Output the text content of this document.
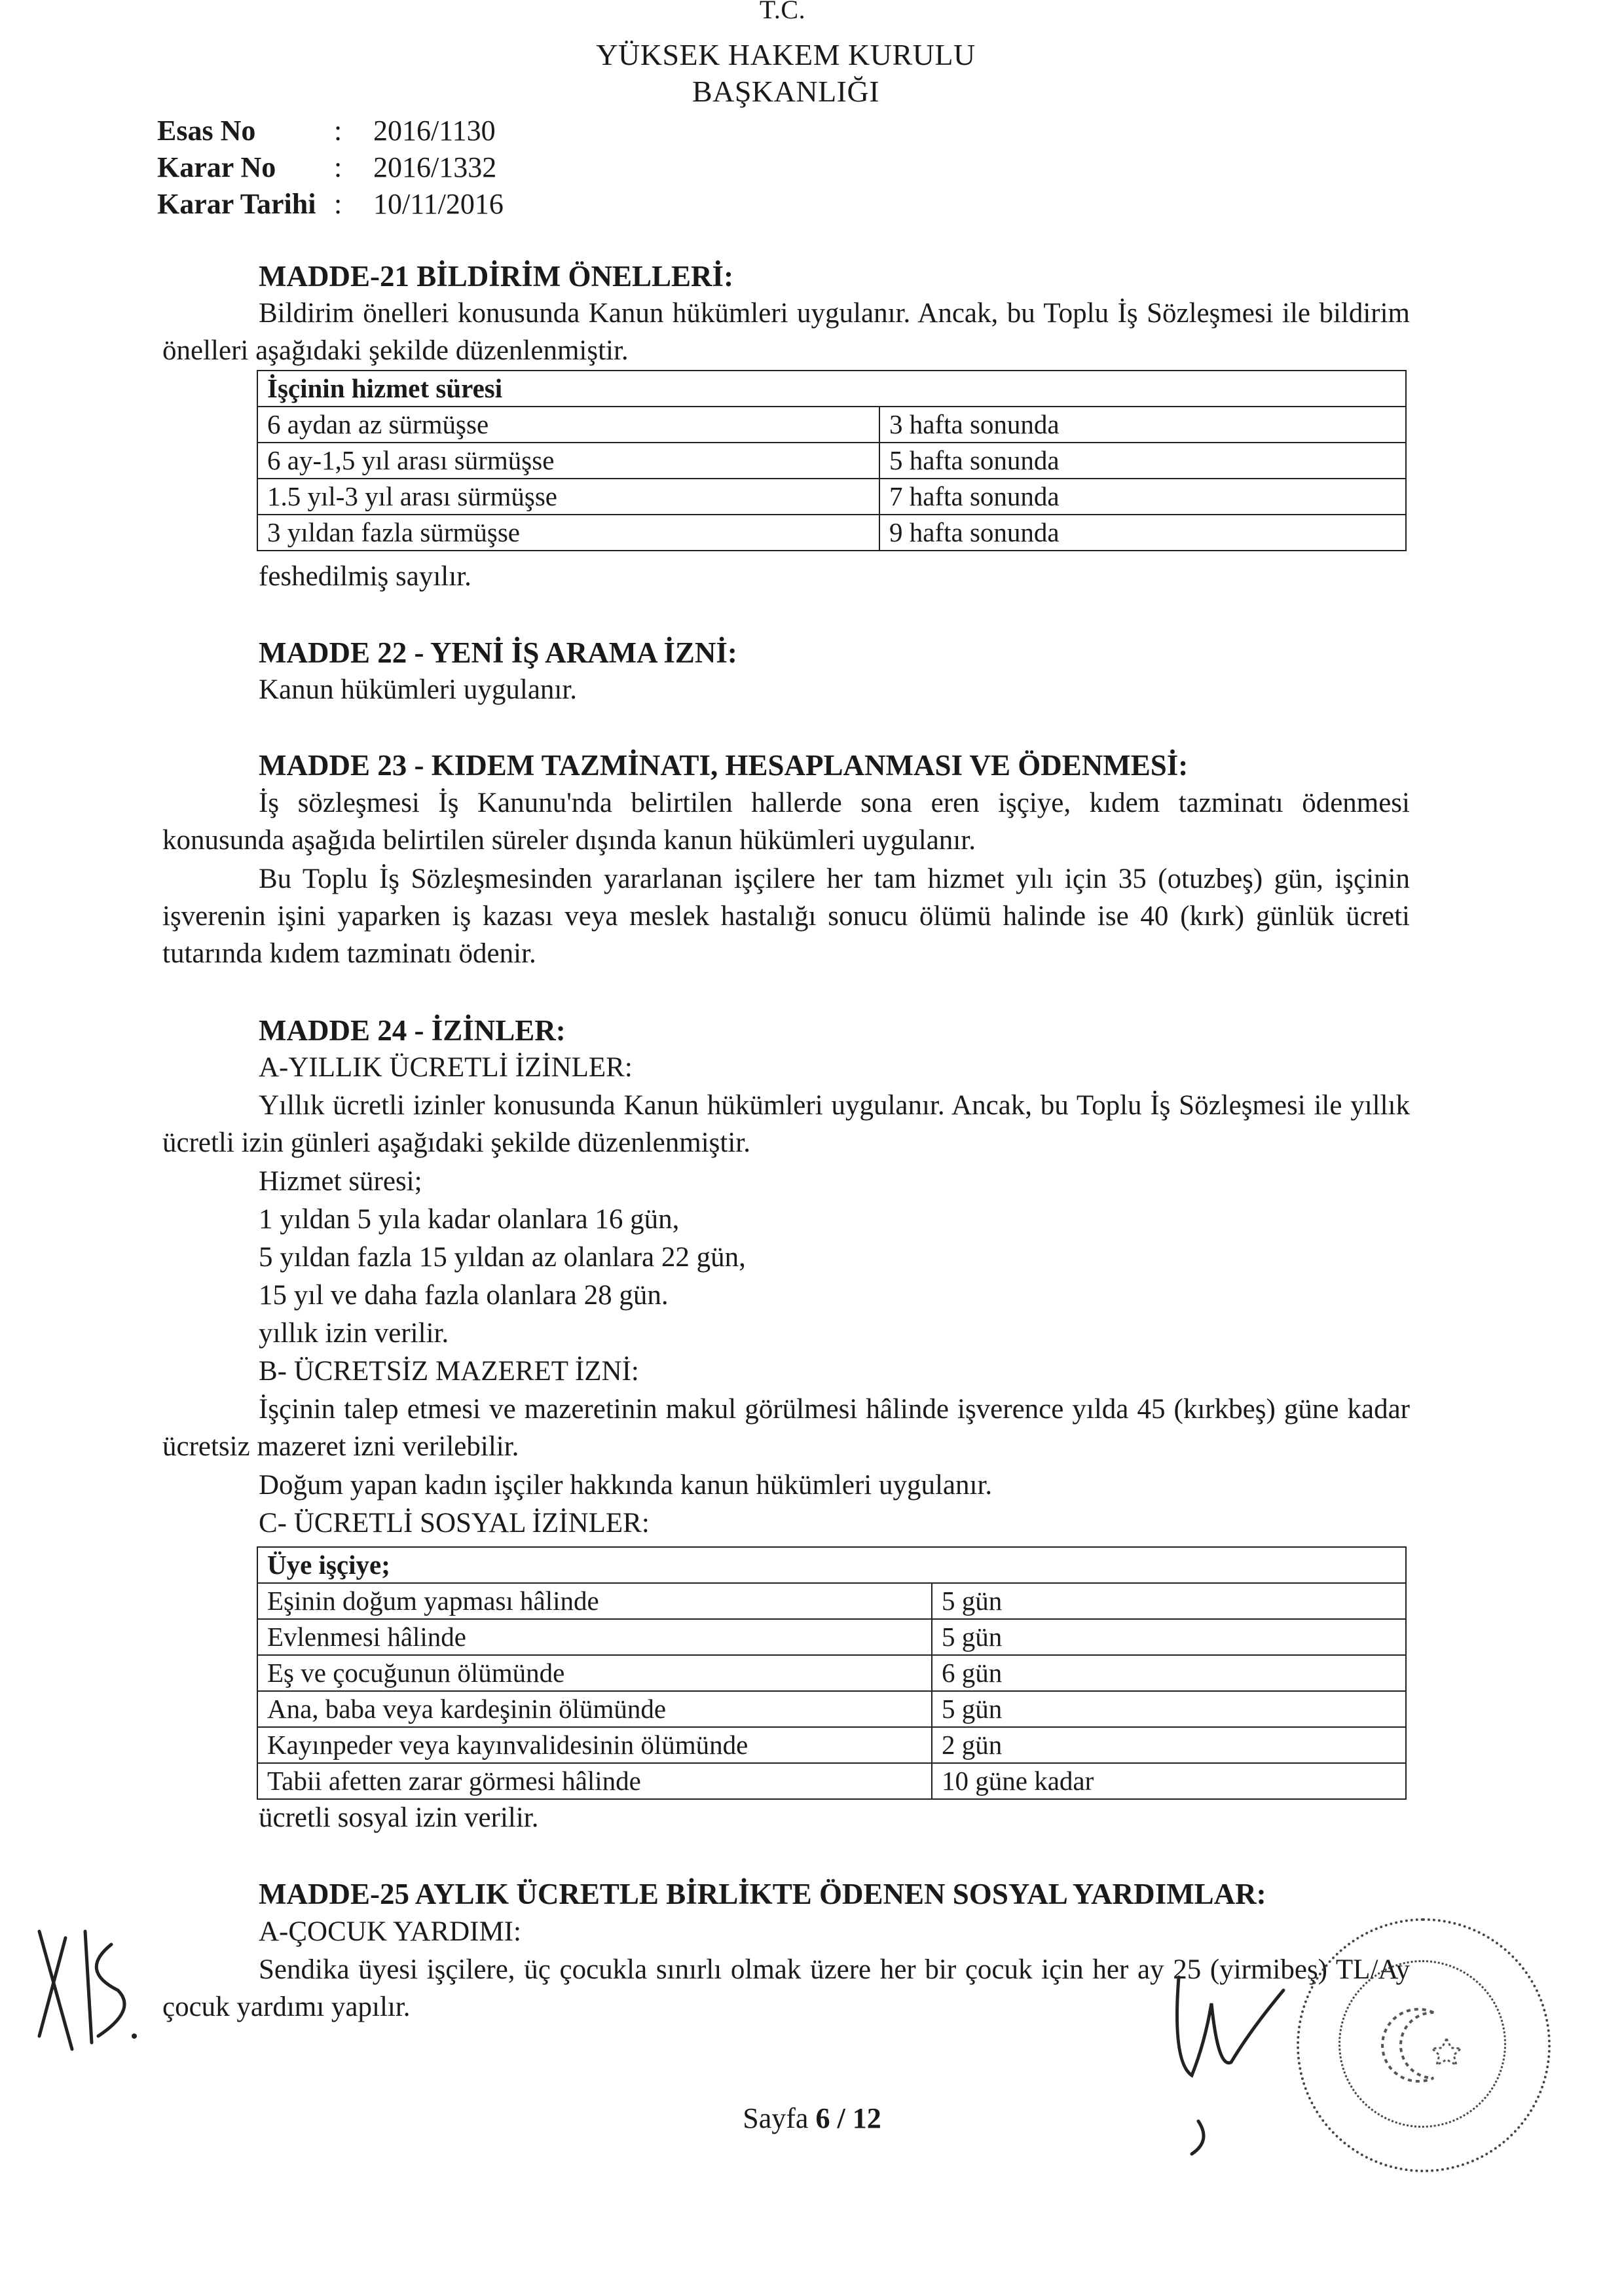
T.C.
YÜKSEK HAKEM KURULU
BAŞKANLIĞI
Esas No	: 2016/1130
Karar No : 2016/1332
Karar Tarihi : 10/11/2016
MADDE-21 BİLDİRİM ÖNELLERİ:
Bildirim önelleri konusunda Kanun hükümleri uygulanır. Ancak, bu Toplu İş Sözleşmesi ile bildirim önelleri aşağıdaki şekilde düzenlenmiştir.
İşçinin hizmet süresi	
6 aydan az sürmüşse	3 hafta sonunda
6 ay-1,5 yıl arası sürmüşse	5 hafta sonunda
1.5 yıl-3 yıl arası sürmüşse	7 hafta sonunda
3 yıldan fazla sürmüşse	9 hafta sonunda
feshedilmiş sayılır.
MADDE 22 - YENİ İŞ ARAMA İZNİ:
Kanun hükümleri uygulanır.
MADDE 23 - KIDEM TAZMİNATI, HESAPLANMASI VE ÖDENMESİ:
İş sözleşmesi İş Kanunu'nda belirtilen hallerde sona eren işçiye, kıdem tazminatı ödenmesi konusunda aşağıda belirtilen süreler dışında kanun hükümleri uygulanır.
Bu Toplu İş Sözleşmesinden yararlanan işçilere her tam hizmet yılı için 35 (otuzbeş) gün, işçinin işverenin işini yaparken iş kazası veya meslek hastalığı sonucu ölümü halinde ise 40 (kırk) günlük ücreti tutarında kıdem tazminatı ödenir.
MADDE 24 - İZİNLER:
A-YILLIK ÜCRETLİ İZİNLER:
Yıllık ücretli izinler konusunda Kanun hükümleri uygulanır. Ancak, bu Toplu İş Sözleşmesi ile yıllık ücretli izin günleri aşağıdaki şekilde düzenlenmiştir.
Hizmet süresi;
1 yıldan 5 yıla kadar olanlara 16 gün,
5 yıldan fazla 15 yıldan az olanlara 22 gün,
15 yıl ve daha fazla olanlara 28 gün.
yıllık izin verilir.
B- ÜCRETSİZ MAZERET İZNİ:
İşçinin talep etmesi ve mazeretinin makul görülmesi hâlinde işverence yılda 45 (kırkbeş) güne kadar ücretsiz mazeret izni verilebilir.
Doğum yapan kadın işçiler hakkında kanun hükümleri uygulanır.
C- ÜCRETLİ SOSYAL İZİNLER:
Üye işçiye;	
Eşinin doğum yapması hâlinde	5 gün
Evlenmesi hâlinde	5 gün
Eş ve çocuğunun ölümünde	6 gün
Ana, baba veya kardeşinin ölümünde	5 gün
Kayınpeder veya kayınvalidesinin ölümünde	2 gün
Tabii afetten zarar görmesi hâlinde	10 güne kadar
ücretli sosyal izin verilir.
MADDE-25 AYLIK ÜCRETLE BİRLİKTE ÖDENEN SOSYAL YARDIMLAR:
A-ÇOCUK YARDIMI:
Sendika üyesi işçilere, üç çocukla sınırlı olmak üzere her bir çocuk için her ay 25 (yirmibeş) TL/Ay çocuk yardımı yapılır.
Sayfa 6 / 12
